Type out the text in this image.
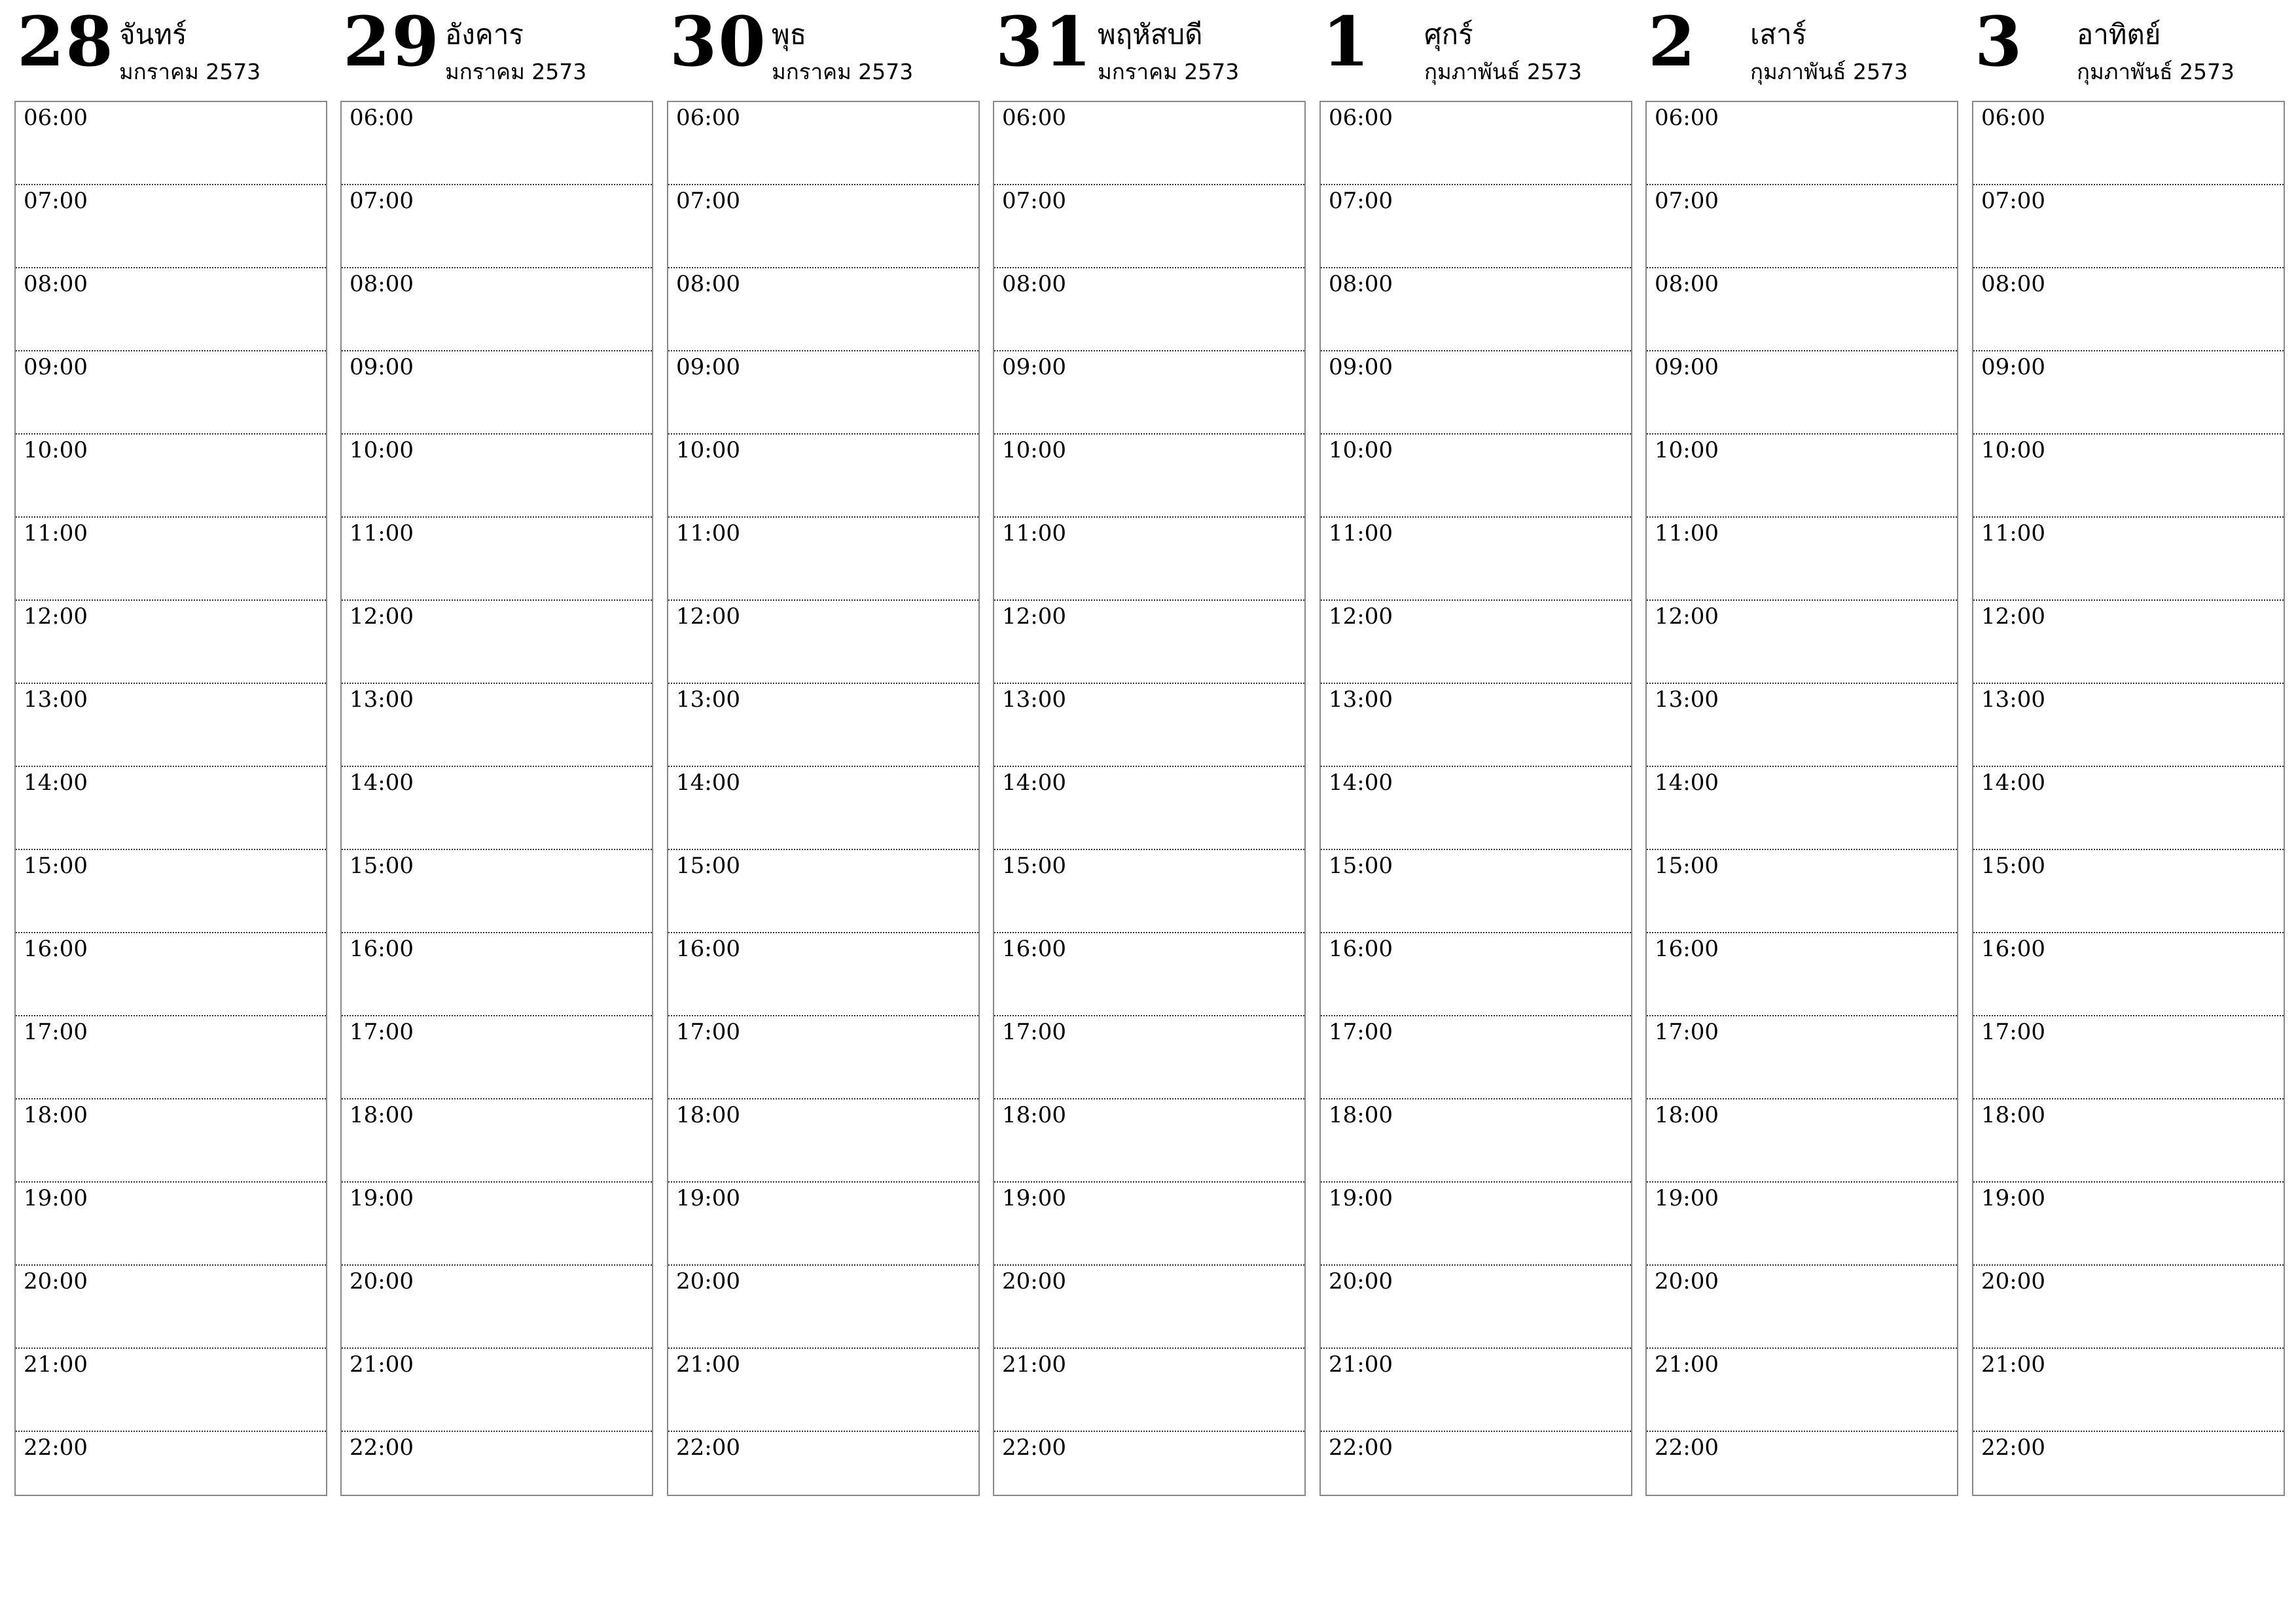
28 จันทร์
มกราคม 2573
06:00
07:00
08:00
09:00
10:00
11:00
12:00
13:00
14:00
15:00
16:00
17:00
18:00
19:00
20:00
21:00
22:00
29 อังคาร
มกราคม 2573
06:00
07:00
08:00
09:00
10:00
11:00
12:00
13:00
14:00
15:00
16:00
17:00
18:00
19:00
20:00
21:00
22:00
30 พุธ
มกราคม 2573
06:00
07:00
08:00
09:00
10:00
11:00
12:00
13:00
14:00
15:00
16:00
17:00
18:00
19:00
20:00
21:00
22:00
31 พฤหัสบดี
มกราคม 2573
06:00
07:00
08:00
09:00
10:00
11:00
12:00
13:00
14:00
15:00
16:00
17:00
18:00
19:00
20:00
21:00
22:00
1 ศุกร์
กุมภาพันธ์ 2573
06:00
07:00
08:00
09:00
10:00
11:00
12:00
13:00
14:00
15:00
16:00
17:00
18:00
19:00
20:00
21:00
22:00
2 เสาร์
กุมภาพันธ์ 2573
06:00
07:00
08:00
09:00
10:00
11:00
12:00
13:00
14:00
15:00
16:00
17:00
18:00
19:00
20:00
21:00
22:00
3 อาทิตย์
กุมภาพันธ์ 2573
06:00
07:00
08:00
09:00
10:00
11:00
12:00
13:00
14:00
15:00
16:00
17:00
18:00
19:00
20:00
21:00
22:00
